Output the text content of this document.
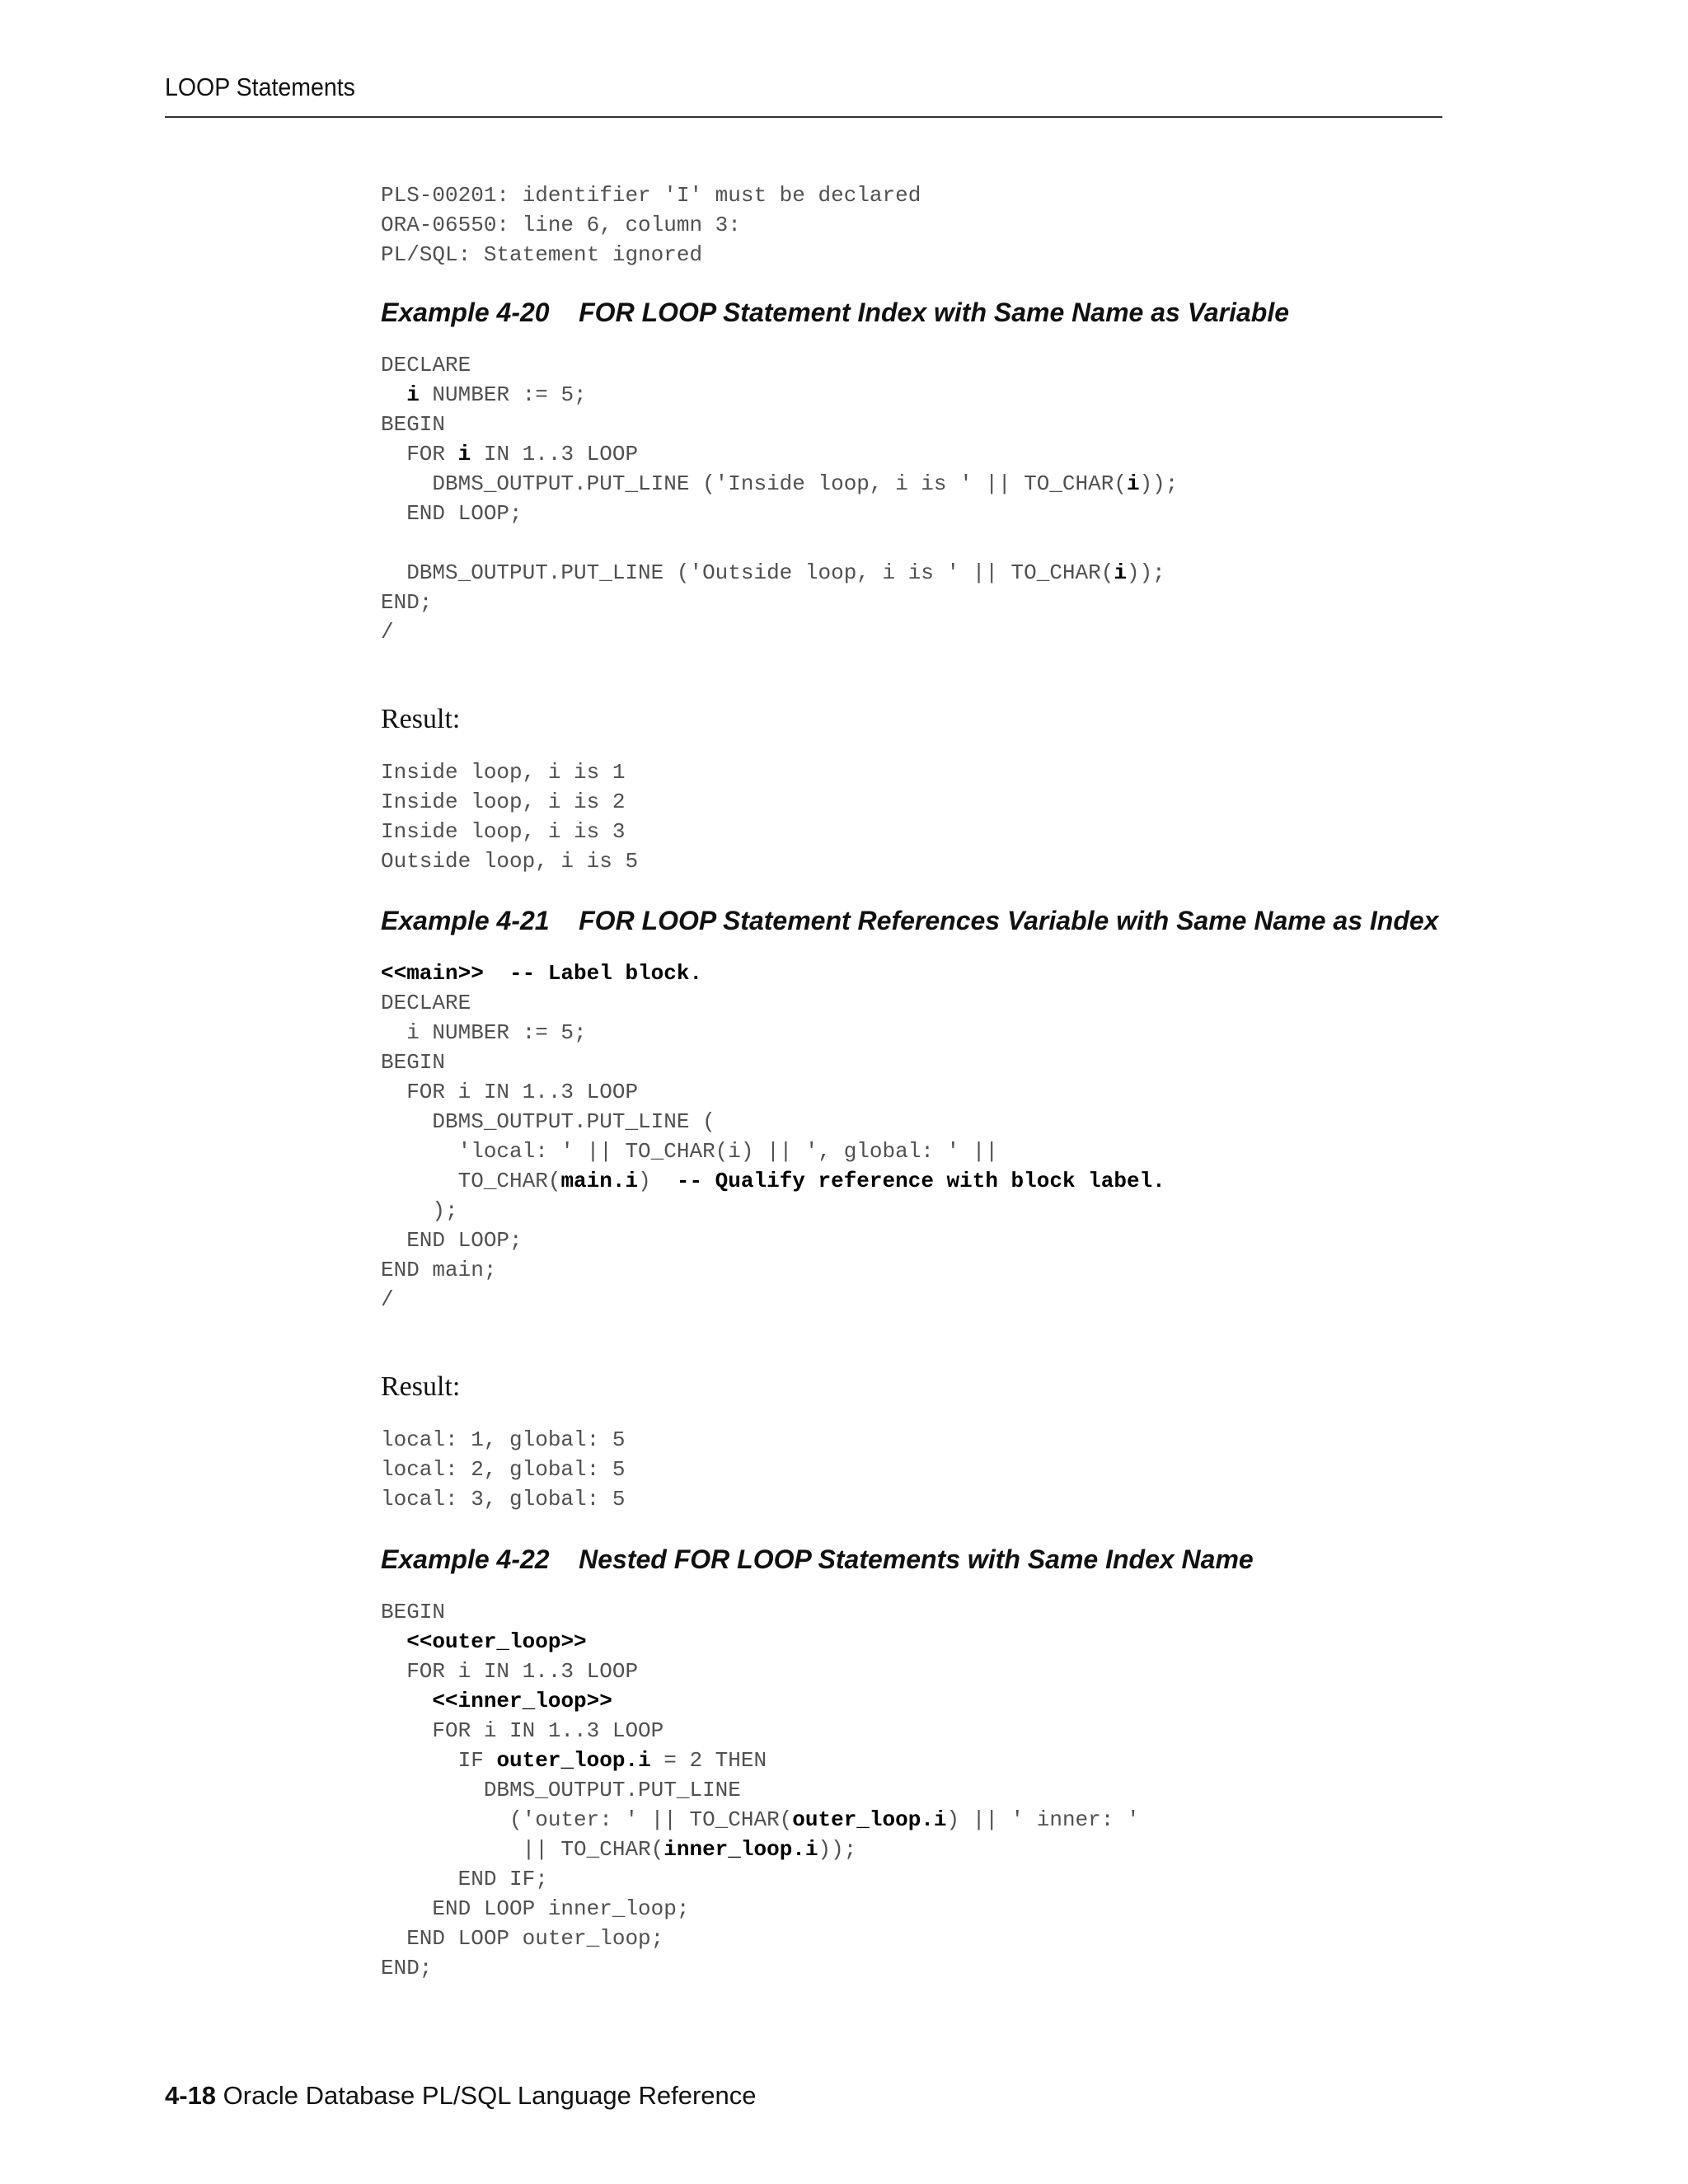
LOOP Statements
PLS-00201: identifier 'I' must be declared
ORA-06550: line 6, column 3:
PL/SQL: Statement ignored
Example 4-20 FOR LOOP Statement Index with Same Name as Variable
DECLARE
i NUMBER := 5;
BEGIN
FOR i IN 1..3 LOOP
DBMS_OUTPUT.PUT_LINE ('Inside loop, i is ' || TO_CHAR(i));
END LOOP;

DBMS_OUTPUT.PUT_LINE ('Outside loop, i is ' || TO_CHAR(i));
END;
/
Result:
Inside loop, i is 1
Inside loop, i is 2
Inside loop, i is 3
Outside loop, i is 5
Example 4-21 FOR LOOP Statement References Variable with Same Name as Index
<<main>>  -- Label block.
DECLARE
i NUMBER := 5;
BEGIN
FOR i IN 1..3 LOOP
DBMS_OUTPUT.PUT_LINE (
'local: ' || TO_CHAR(i) || ', global: ' ||
TO_CHAR(main.i)  -- Qualify reference with block label.
);
END LOOP;
END main;
/
Result:
local: 1, global: 5
local: 2, global: 5
local: 3, global: 5
Example 4-22 Nested FOR LOOP Statements with Same Index Name
BEGIN
<<outer_loop>>
FOR i IN 1..3 LOOP
<<inner_loop>>
FOR i IN 1..3 LOOP
IF outer_loop.i = 2 THEN
DBMS_OUTPUT.PUT_LINE
('outer: ' || TO_CHAR(outer_loop.i) || ' inner: '
|| TO_CHAR(inner_loop.i));
END IF;
END LOOP inner_loop;
END LOOP outer_loop;
END;
4-18 Oracle Database PL/SQL Language Reference
